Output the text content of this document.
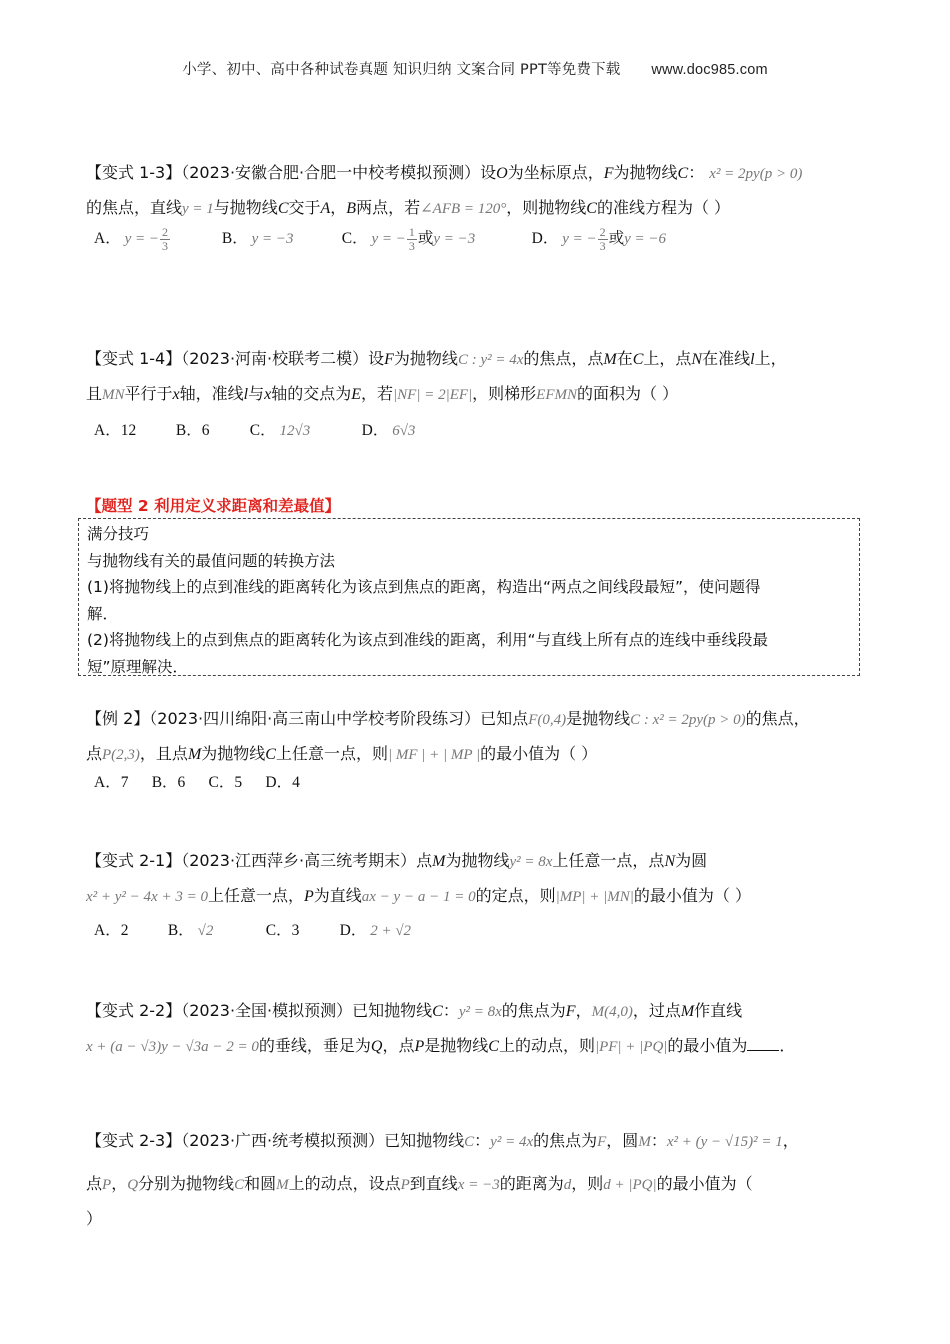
小学、初中、高中各种试卷真题 知识归纳 文案合同 PPT等免费下载 www.doc985.com
【变式 1-3】（2023·安徽合肥·合肥一中校考模拟预测）设O为坐标原点，F为抛物线C： x² = 2py(p > 0)
的焦点，直线y = 1与抛物线C交于A，B两点，若∠AFB = 120°，则抛物线C的准线方程为（ ）
A． y = − $\frac{2}{3}$	B． y = −3	C． y = − $\frac{1}{3}$ 或y = −3	D． y = − $\frac{2}{3}$ 或y = −6
【变式 1-4】（2023·河南·校联考二模）设F为抛物线C : y² = 4x的焦点，点M在C上，点N在准线l上，
且MN平行于x轴，准线l与x轴的交点为E，若|NF| = 2|EF|，则梯形EFMN的面积为（ ）
A．12	B．6	C． 12√3	D． 6√3
【题型 2 利用定义求距离和差最值】
满分技巧
与抛物线有关的最值问题的转换方法
(1)将抛物线上的点到准线的距离转化为该点到焦点的距离，构造出“两点之间线段最短”，使问题得
解．
(2)将抛物线上的点到焦点的距离转化为该点到准线的距离，利用“与直线上所有点的连线中垂线段最
短”原理解决．
【例 2】（2023·四川绵阳·高三南山中学校考阶段练习）已知点F(0,4)是抛物线C : x² = 2py(p > 0)的焦点，
点P(2,3)，且点M为抛物线C上任意一点，则| MF | + | MP |的最小值为（ ）
A．7      B．6      C．5      D．4
【变式 2-1】（2023·江西萍乡·高三统考期末）点M为抛物线y² = 8x上任意一点，点N为圆
x² + y² − 4x + 3 = 0上任意一点，P为直线ax − y − a − 1 = 0的定点，则|MP| + |MN|的最小值为（ ）
A．2	B． √2	C．3	D． 2 + √2
【变式 2-2】（2023·全国·模拟预测）已知抛物线C：y² = 8x的焦点为F，M(4,0)，过点M作直线
x + (a − √3)y − √3a − 2 = 0的垂线，垂足为Q，点P是抛物线C上的动点，则|PF| + |PQ|的最小值为 ．
【变式 2-3】（2023·广西·统考模拟预测）已知抛物线C：y² = 4x的焦点为F，圆M：x² + (y − √15)² = 1，
点P，Q分别为抛物线C和圆M上的动点，设点P到直线x = −3的距离为d，则d + |PQ|的最小值为（
）
